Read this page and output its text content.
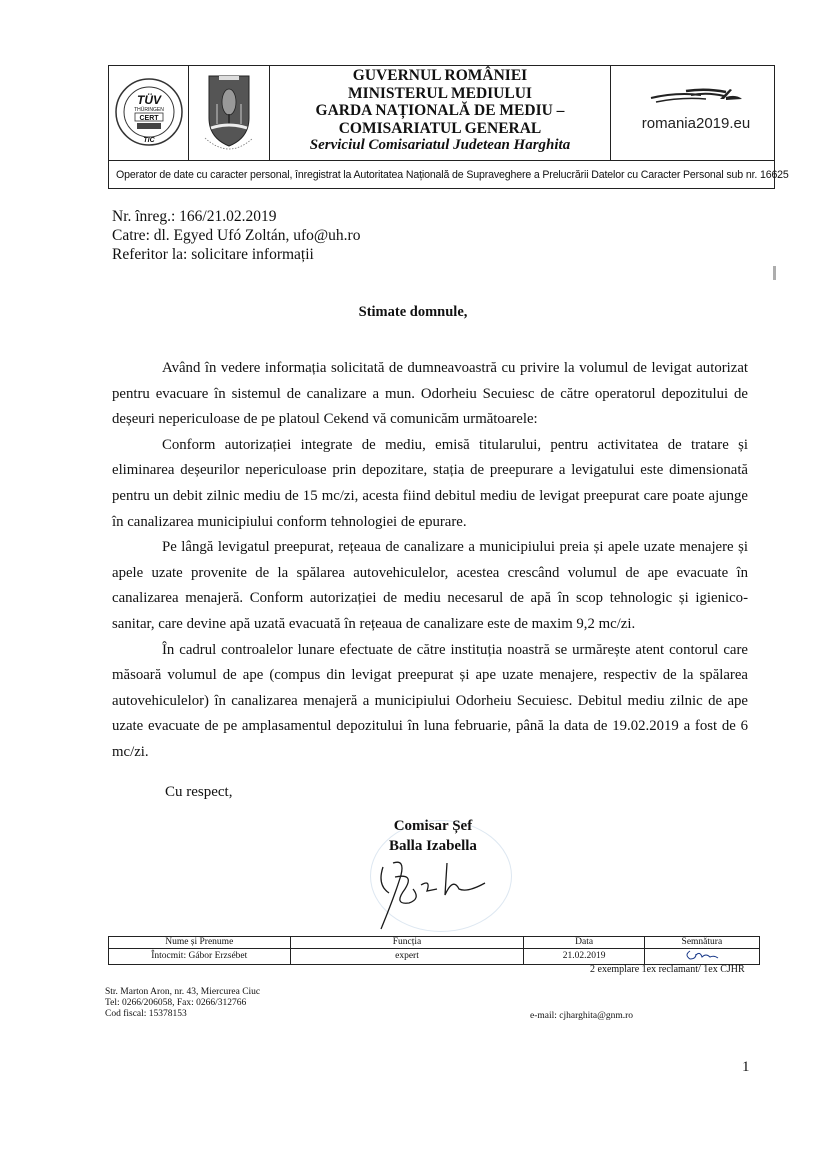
TÜV
THÜRINGEN
CERT
TIC
GUVERNUL ROMÂNIEI
MINISTERUL MEDIULUI
GARDA NAȚIONALĂ DE MEDIU –
COMISARIATUL GENERAL
Serviciul Comisariatul Judetean Harghita
romania2019.eu
Operator de date cu caracter personal, înregistrat la Autoritatea Națională de Supraveghere a Prelucrării Datelor cu Caracter Personal sub nr. 16625
Nr. înreg.: 166/21.02.2019
Catre: dl. Egyed Ufó Zoltán, ufo@uh.ro
Referitor la: solicitare informații
Stimate domnule,

Având în vedere informația solicitată de dumneavoastră cu privire la volumul de levigat autorizat pentru evacuare în sistemul de canalizare a mun. Odorheiu Secuiesc de către operatorul depozitului de deșeuri nepericuloase de pe platoul Cekend vă comunicăm următoarele:

Conform autorizației integrate de mediu, emisă titularului, pentru activitatea de tratare și eliminarea deșeurilor nepericuloase prin depozitare, stația de preepurare a levigatului este dimensionată pentru un debit zilnic mediu de 15 mc/zi, acesta fiind debitul mediu de levigat preepurat care poate ajunge în canalizarea municipiului conform tehnologiei de epurare.

Pe lângă levigatul preepurat, rețeaua de canalizare a municipiului preia și apele uzate menajere și apele uzate provenite de la spălarea autovehiculelor, acestea crescând volumul de ape evacuate în canalizarea menajeră. Conform autorizației de mediu necesarul de apă în scop tehnologic și igienico- sanitar, care devine apă uzată evacuată în rețeaua de canalizare este de maxim 9,2 mc/zi.

În cadrul controalelor lunare efectuate de către instituția noastră se urmărește atent contorul care măsoară volumul de ape (compus din levigat preepurat și ape uzate menajere, respectiv de la spălarea autovehiculelor) în canalizarea menajeră a municipiului Odorheiu Secuiesc. Debitul mediu zilnic de ape uzate evacuate de pe amplasamentul depozitului în luna februarie, până la data de 19.02.2019 a fost de 6 mc/zi.

Cu respect,
Comisar Șef
Balla Izabella
Nume și Prenume	Funcția	Data	Semnătura
Întocmit: Gábor Erzsébet	expert	21.02.2019	
2 exemplare 1ex reclamant/ 1ex CJHR
Str. Marton Aron, nr. 43, Miercurea Ciuc
Tel: 0266/206058, Fax: 0266/312766
Cod fiscal: 15378153	e-mail: cjharghita@gnm.ro
1
